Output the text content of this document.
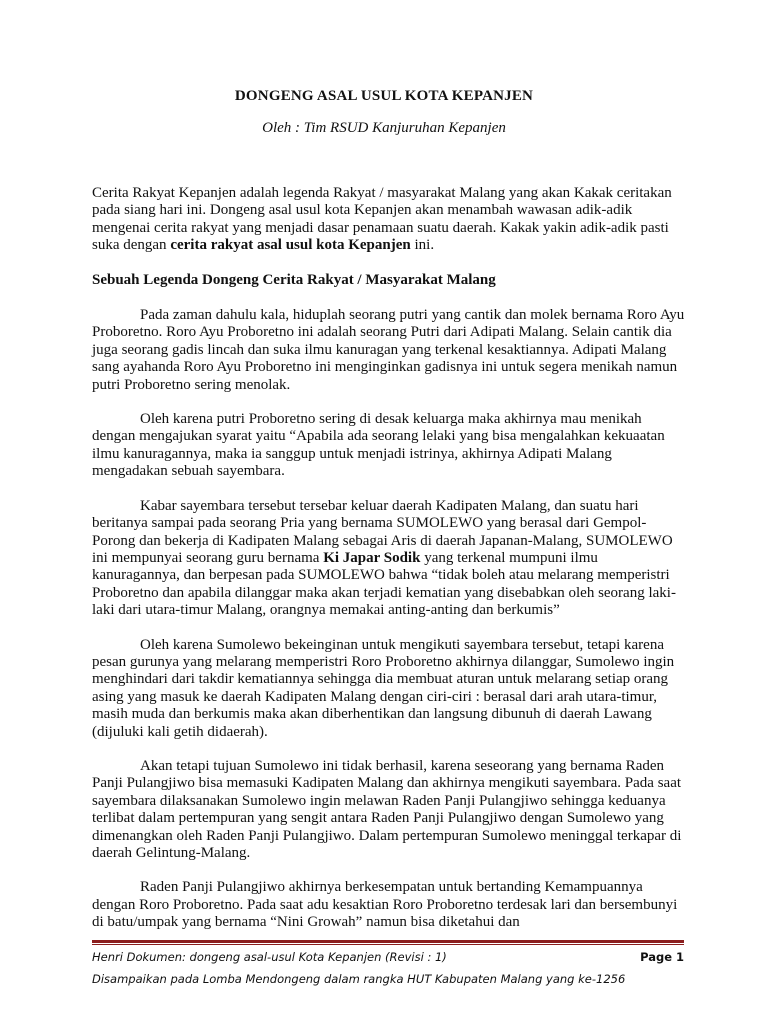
DONGENG ASAL USUL KOTA KEPANJEN
Oleh : Tim RSUD Kanjuruhan Kepanjen

Cerita Rakyat Kepanjen adalah legenda Rakyat / masyarakat Malang yang akan Kakak ceritakan pada siang hari ini. Dongeng asal usul kota Kepanjen akan menambah wawasan adik-adik mengenai cerita rakyat yang menjadi dasar penamaan suatu daerah. Kakak yakin adik-adik pasti suka dengan cerita rakyat asal usul kota Kepanjen ini.

Sebuah Legenda Dongeng Cerita Rakyat / Masyarakat Malang

Pada zaman dahulu kala, hiduplah seorang putri yang cantik dan molek bernama Roro Ayu Proboretno. Roro Ayu Proboretno ini adalah seorang Putri dari Adipati Malang. Selain cantik dia juga seorang gadis lincah dan suka ilmu kanuragan yang terkenal kesaktiannya. Adipati Malang sang ayahanda Roro Ayu Proboretno ini menginginkan gadisnya ini untuk segera menikah namun putri Proboretno sering menolak.

Oleh karena putri Proboretno sering di desak keluarga maka akhirnya mau menikah dengan mengajukan syarat yaitu “Apabila ada seorang lelaki yang bisa mengalahkan kekuaatan ilmu kanuragannya, maka ia sanggup untuk menjadi istrinya, akhirnya Adipati Malang mengadakan sebuah sayembara.

Kabar sayembara tersebut tersebar keluar daerah Kadipaten Malang, dan suatu hari beritanya sampai pada seorang Pria yang bernama SUMOLEWO yang berasal dari Gempol-Porong dan bekerja di Kadipaten Malang sebagai Aris di daerah Japanan-Malang, SUMOLEWO ini mempunyai seorang guru bernama Ki Japar Sodik yang terkenal mumpuni ilmu kanuragannya, dan berpesan pada SUMOLEWO bahwa “tidak boleh atau melarang memperistri Proboretno dan apabila dilanggar maka akan terjadi kematian yang disebabkan oleh seorang laki-laki dari utara-timur Malang, orangnya memakai anting-anting dan berkumis”

Oleh karena Sumolewo bekeinginan untuk mengikuti sayembara tersebut, tetapi karena pesan gurunya yang melarang memperistri Roro Proboretno akhirnya dilanggar, Sumolewo ingin menghindari dari takdir kematiannya sehingga dia membuat aturan untuk melarang setiap orang asing yang masuk ke daerah Kadipaten Malang dengan ciri-ciri : berasal dari arah utara-timur, masih muda dan berkumis maka akan diberhentikan dan langsung dibunuh di daerah Lawang (dijuluki kali getih didaerah).

Akan tetapi tujuan Sumolewo ini tidak berhasil, karena seseorang yang bernama Raden Panji Pulangjiwo bisa memasuki Kadipaten Malang dan akhirnya mengikuti sayembara. Pada saat sayembara dilaksanakan Sumolewo ingin melawan Raden Panji Pulangjiwo sehingga keduanya terlibat dalam pertempuran yang sengit antara Raden Panji Pulangjiwo dengan Sumolewo yang dimenangkan oleh Raden Panji Pulangjiwo. Dalam pertempuran Sumolewo meninggal terkapar di daerah Gelintung-Malang.

Raden Panji Pulangjiwo akhirnya berkesempatan untuk bertanding Kemampuannya dengan Roro Proboretno. Pada saat adu kesaktian Roro Proboretno terdesak lari dan bersembunyi di batu/umpak yang bernama “Nini Growah” namun bisa diketahui dan

Henri Dokumen: dongeng asal-usul Kota Kepanjen (Revisi : 1)	Page 1
Disampaikan pada Lomba Mendongeng dalam rangka HUT Kabupaten Malang yang ke-1256
